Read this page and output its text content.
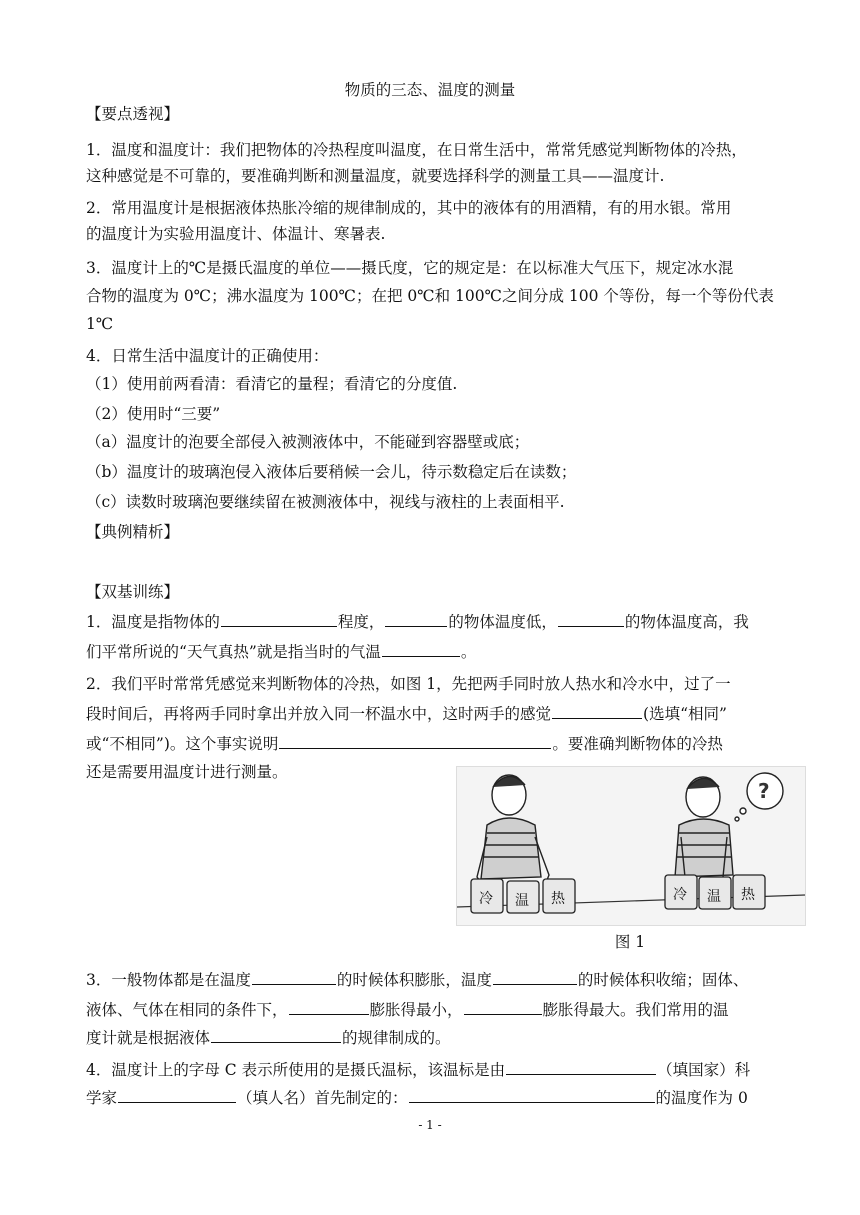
物质的三态、温度的测量
【要点透视】
1．温度和温度计：我们把物体的冷热程度叫温度，在日常生活中，常常凭感觉判断物体的冷热，
这种感觉是不可靠的，要准确判断和测量温度，就要选择科学的测量工具——温度计.
2．常用温度计是根据液体热胀冷缩的规律制成的，其中的液体有的用酒精，有的用水银。常用
的温度计为实验用温度计、体温计、寒暑表.
3．温度计上的℃是摄氏温度的单位——摄氏度，它的规定是：在以标准大气压下，规定冰水混
合物的温度为 0℃；沸水温度为 100℃；在把 0℃和 100℃之间分成 100 个等份，每一个等份代表
1℃
4．日常生活中温度计的正确使用：
（1）使用前两看清：看清它的量程；看清它的分度值.
（2）使用时“三要”
（a）温度计的泡要全部侵入被测液体中，不能碰到容器壁或底；
（b）温度计的玻璃泡侵入液体后要稍候一会儿，待示数稳定后在读数；
（c）读数时玻璃泡要继续留在被测液体中，视线与液柱的上表面相平.
【典例精析】
【双基训练】
1．温度是指物体的	程度，	的物体温度低，	的物体温度高，我
们平常所说的“天气真热”就是指当时的气温	。
2．我们平时常常凭感觉来判断物体的冷热，如图 1，先把两手同时放人热水和冷水中，过了一
段时间后，再将两手同时拿出并放入同一杯温水中，这时两手的感觉	(选填“相同”
或“不相同”)。这个事实说明	。要准确判断物体的冷热
还是需要用温度计进行测量。
冷 温 热
?
冷 温 热
图 1
3．一般物体都是在温度	的时候体积膨胀，温度	的时候体积收缩；固体、
液体、气体在相同的条件下，	膨胀得最小，	膨胀得最大。我们常用的温
度计就是根据液体	的规律制成的。
4．温度计上的字母 C 表示所使用的是摄氏温标，该温标是由	（填国家）科
学家	（填人名）首先制定的：	的温度作为 0
- 1 -
